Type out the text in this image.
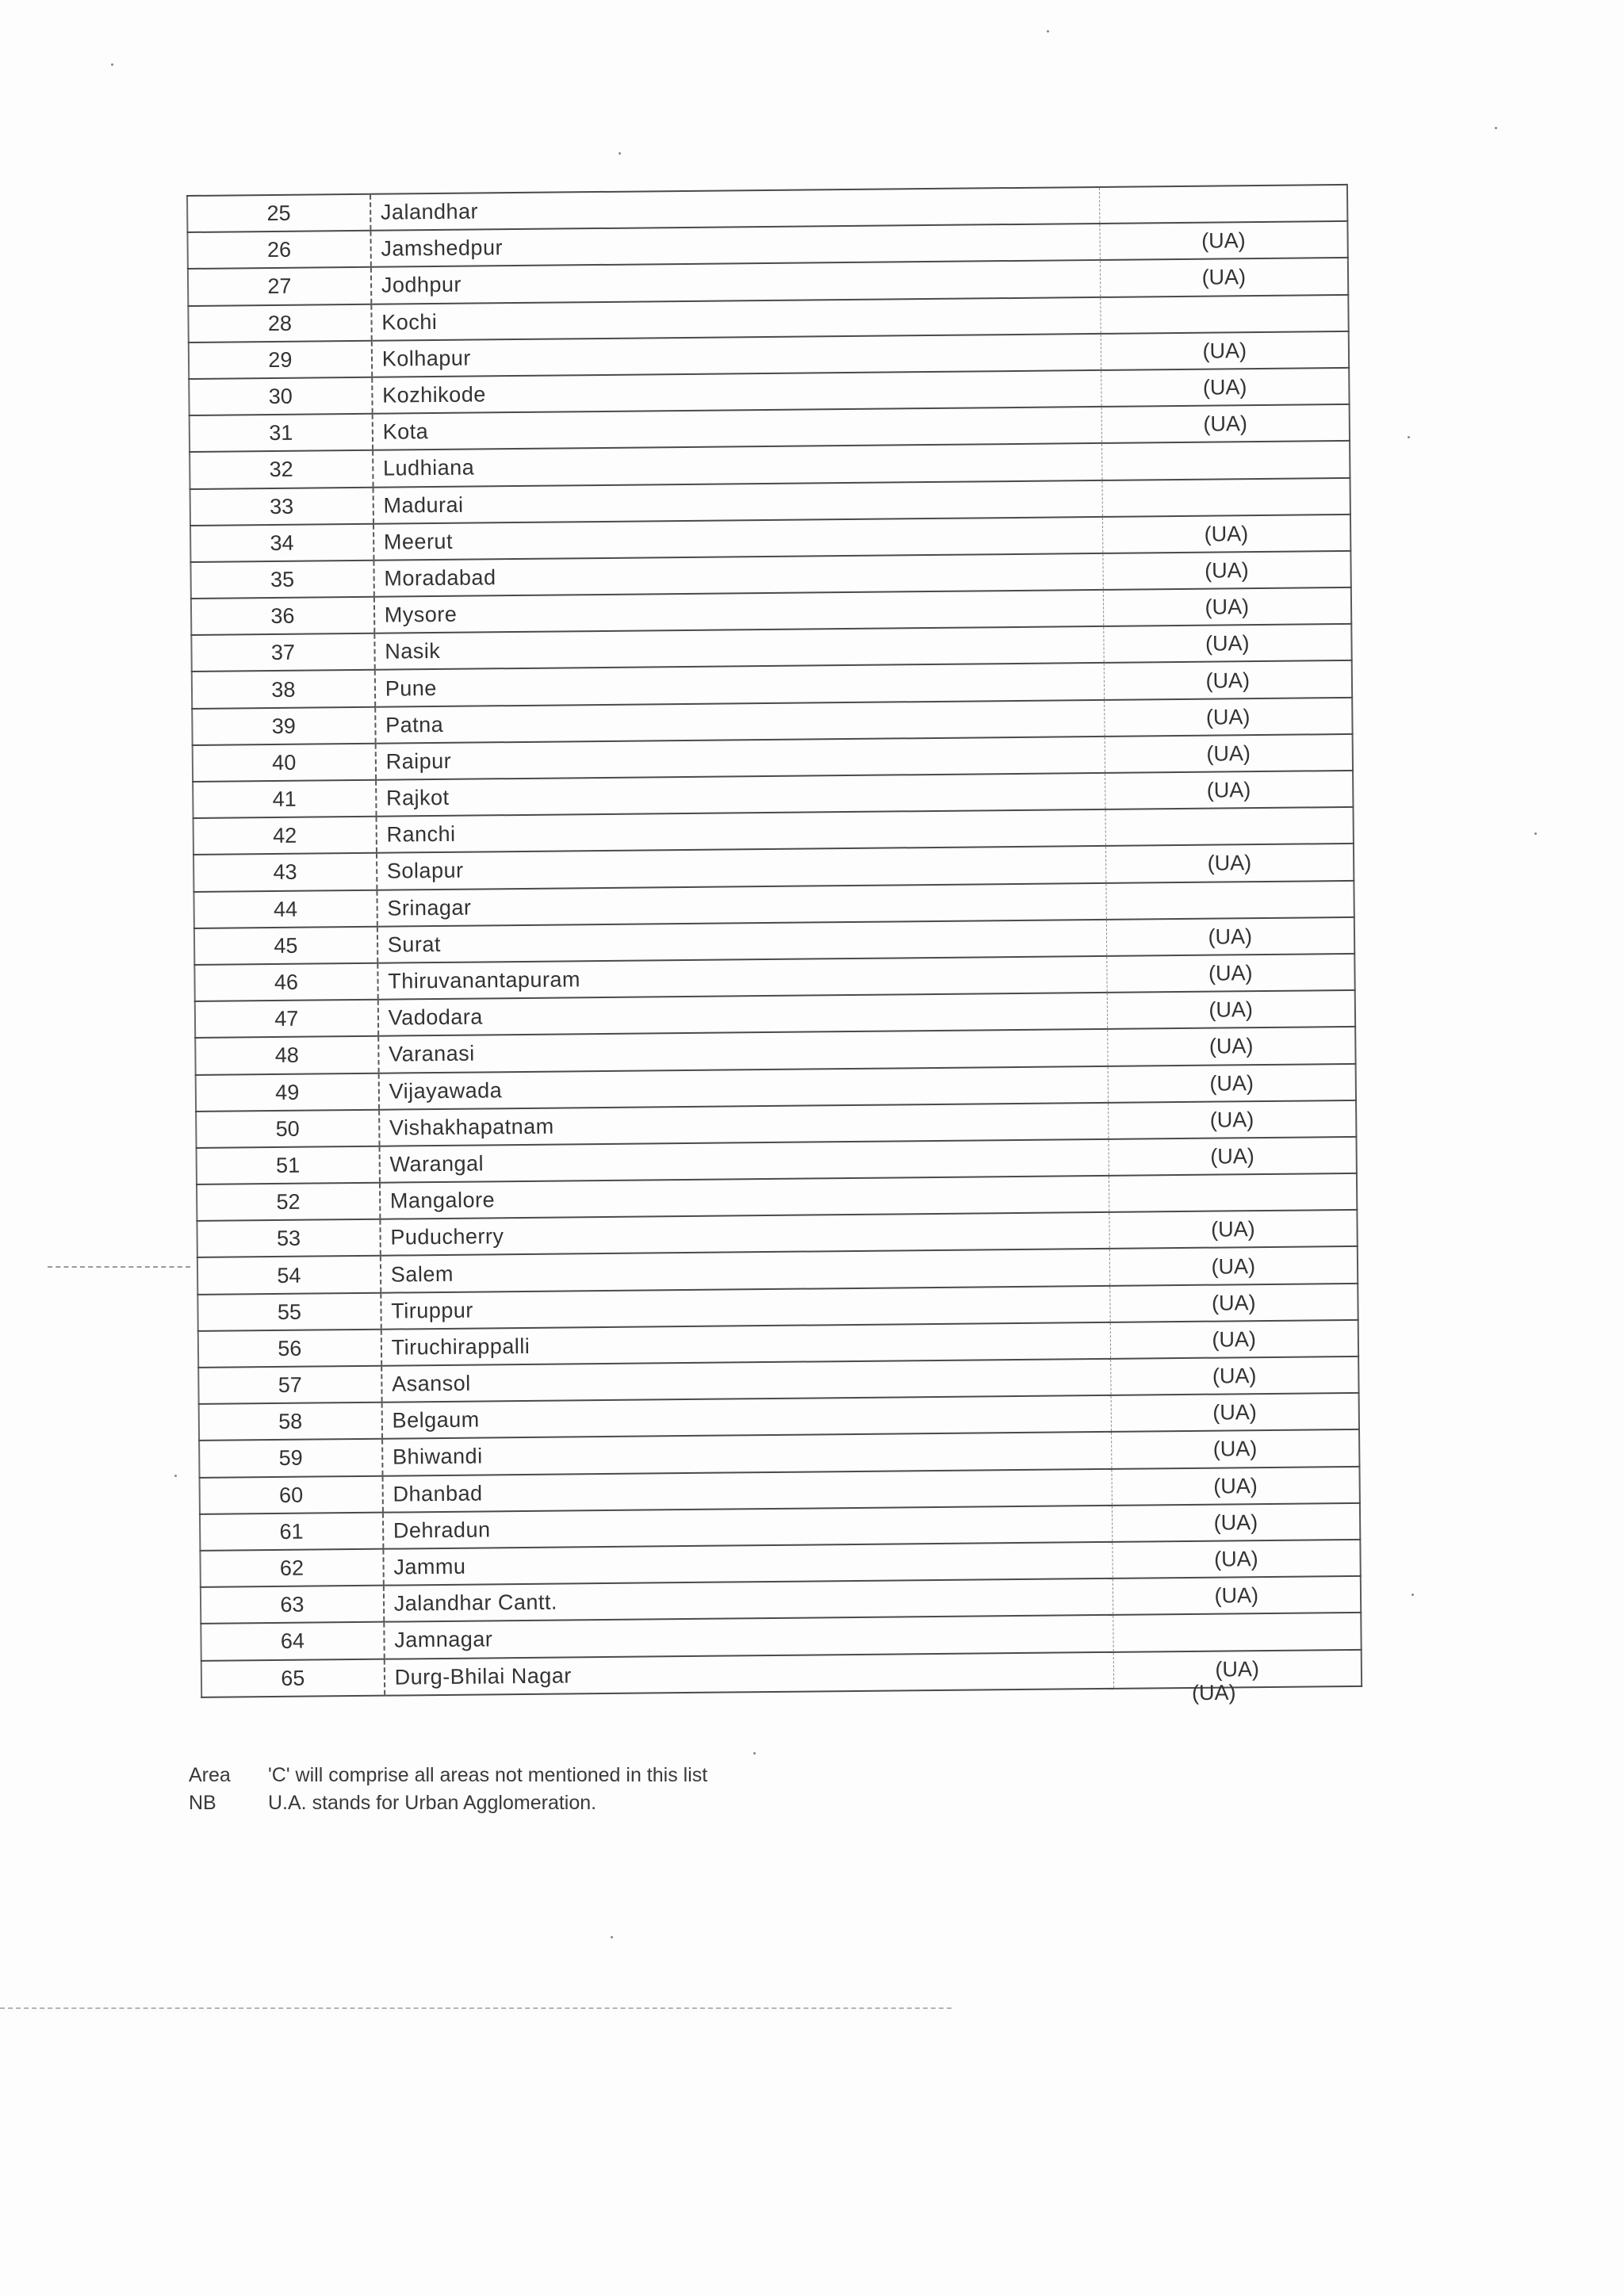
25	Jalandhar	
26	Jamshedpur	(UA)
27	Jodhpur	(UA)
28	Kochi	
29	Kolhapur	(UA)
30	Kozhikode	(UA)
31	Kota	(UA)
32	Ludhiana	
33	Madurai	
34	Meerut	(UA)
35	Moradabad	(UA)
36	Mysore	(UA)
37	Nasik	(UA)
38	Pune	(UA)
39	Patna	(UA)
40	Raipur	(UA)
41	Rajkot	(UA)
42	Ranchi	
43	Solapur	(UA)
44	Srinagar	
45	Surat	(UA)
46	Thiruvanantapuram	(UA)
47	Vadodara	(UA)
48	Varanasi	(UA)
49	Vijayawada	(UA)
50	Vishakhapatnam	(UA)
51	Warangal	(UA)
52	Mangalore	
53	Puducherry	(UA)
54	Salem	(UA)
55	Tiruppur	(UA)
56	Tiruchirappalli	(UA)
57	Asansol	(UA)
58	Belgaum	(UA)
59	Bhiwandi	(UA)
60	Dhanbad	(UA)
61	Dehradun	(UA)
62	Jammu	(UA)
63	Jalandhar Cantt.	(UA)
64	Jamnagar	
65	Durg-Bhilai Nagar	(UA)
(UA)
Area	'C' will comprise all areas not mentioned in this list
NB	U.A. stands for Urban Agglomeration.
